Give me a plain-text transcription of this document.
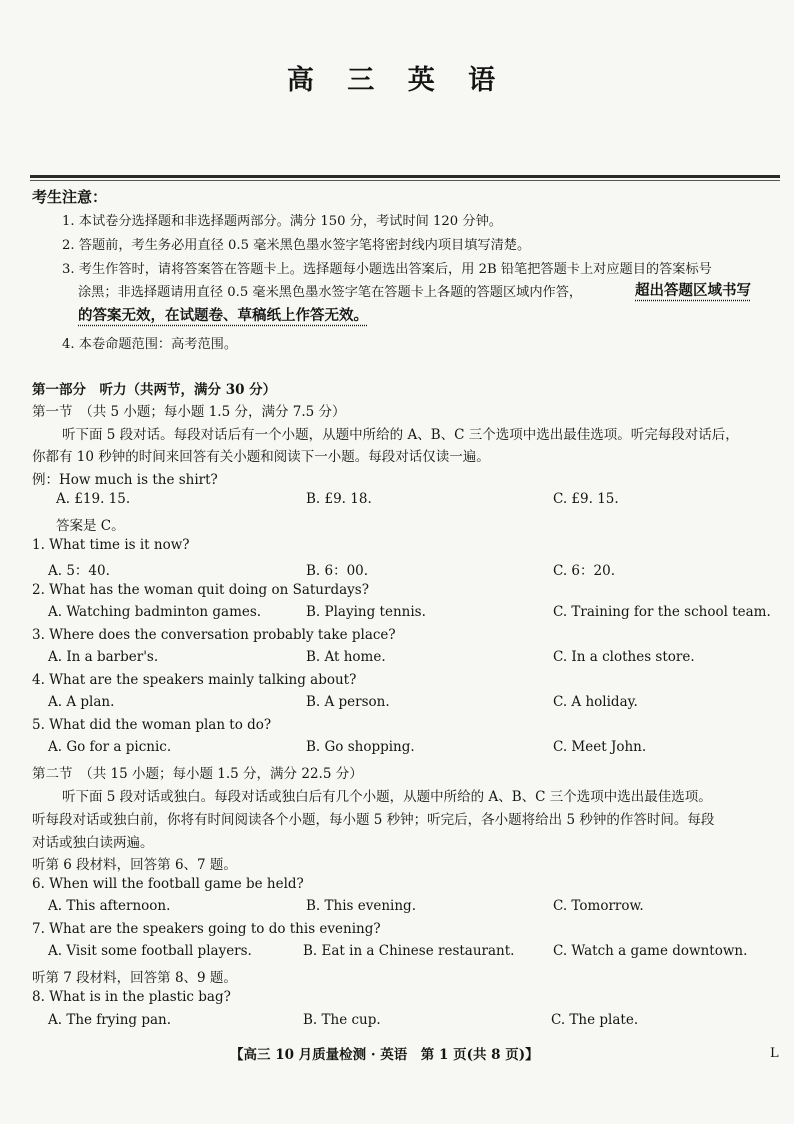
高 三 英 语
考生注意：
1. 本试卷分选择题和非选择题两部分。满分 150 分，考试时间 120 分钟。
2. 答题前，考生务必用直径 0.5 毫米黑色墨水签字笔将密封线内项目填写清楚。
3. 考生作答时，请将答案答在答题卡上。选择题每小题选出答案后，用 2B 铅笔把答题卡上对应题目的答案标号
涂黑；非选择题请用直径 0.5 毫米黑色墨水签字笔在答题卡上各题的答题区域内作答，	超出答题区域书写
的答案无效，在试题卷、草稿纸上作答无效。
4. 本卷命题范围：高考范围。
第一部分　听力（共两节，满分 30 分）
第一节　（共 5 小题；每小题 1.5 分，满分 7.5 分）
听下面 5 段对话。每段对话后有一个小题，从题中所给的 A、B、C 三个选项中选出最佳选项。听完每段对话后，
你都有 10 秒钟的时间来回答有关小题和阅读下一小题。每段对话仅读一遍。
例：How much is the shirt?
A. £19. 15.	B. £9. 18.	C. £9. 15.
答案是 C。
1. What time is it now?
A. 5：40.	B. 6：00.	C. 6：20.
2. What has the woman quit doing on Saturdays?
A. Watching badminton games.	B. Playing tennis.	C. Training for the school team.
3. Where does the conversation probably take place?
A. In a barber's.	B. At home.	C. In a clothes store.
4. What are the speakers mainly talking about?
A. A plan.	B. A person.	C. A holiday.
5. What did the woman plan to do?
A. Go for a picnic.	B. Go shopping.	C. Meet John.
第二节　（共 15 小题；每小题 1.5 分，满分 22.5 分）
听下面 5 段对话或独白。每段对话或独白后有几个小题，从题中所给的 A、B、C 三个选项中选出最佳选项。
听每段对话或独白前，你将有时间阅读各个小题，每小题 5 秒钟；听完后，各小题将给出 5 秒钟的作答时间。每段
对话或独白读两遍。
听第 6 段材料，回答第 6、7 题。
6. When will the football game be held?
A. This afternoon.	B. This evening.	C. Tomorrow.
7. What are the speakers going to do this evening?
A. Visit some football players.	B. Eat in a Chinese restaurant.	C. Watch a game downtown.
听第 7 段材料，回答第 8、9 题。
8. What is in the plastic bag?
A. The frying pan.	B. The cup.	C. The plate.
【高三 10 月质量检测 · 英语　第 1 页(共 8 页)】	L
